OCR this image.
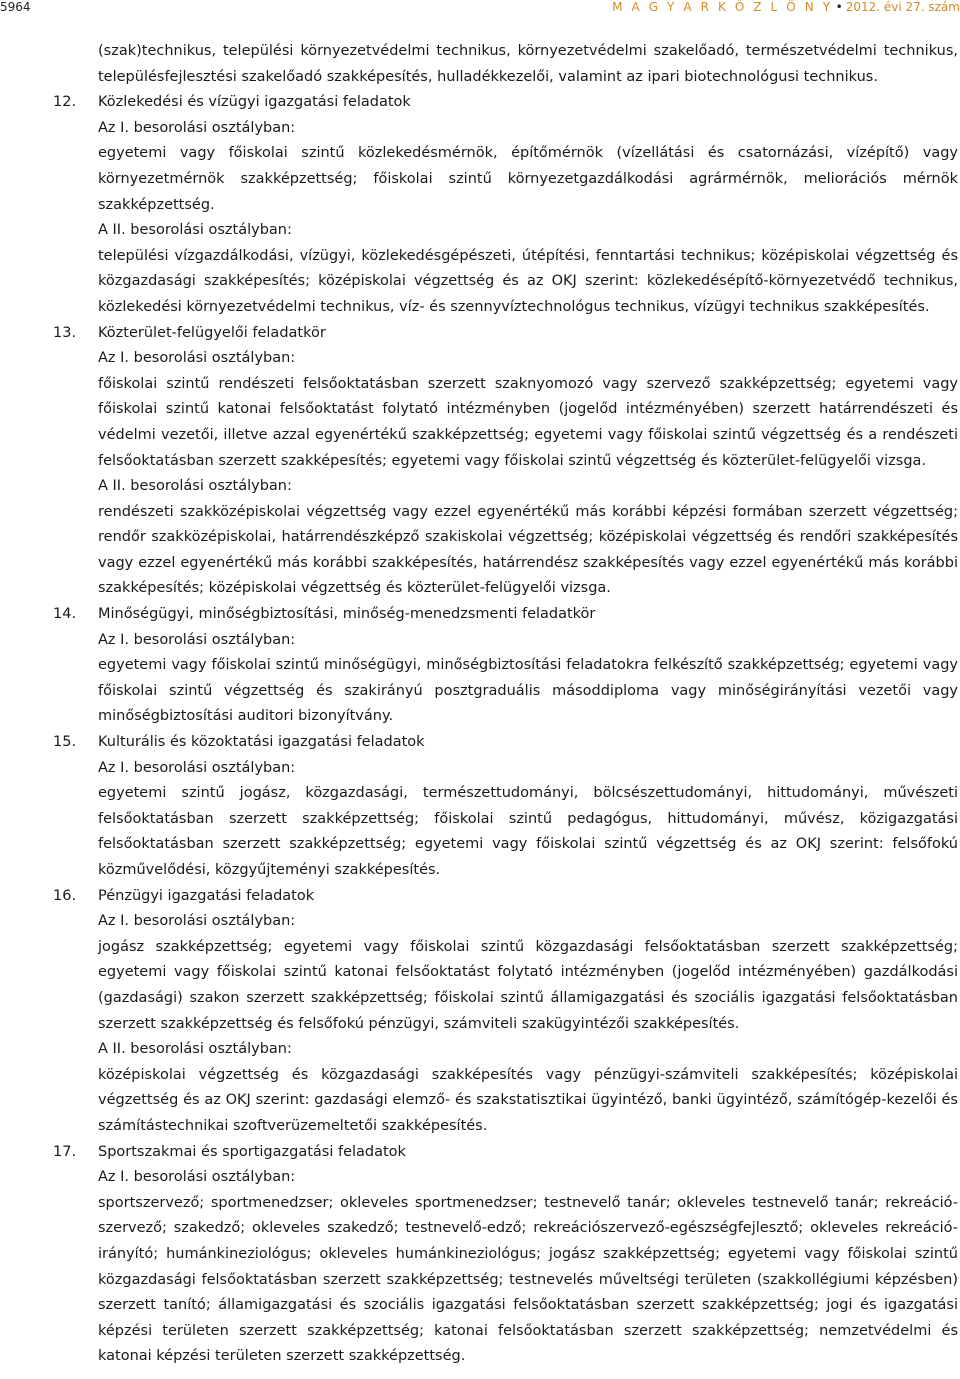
5964	M A G Y A R K Ö Z L Ö N Y • 2012. évi 27. szám

(szak)technikus, települési környezetvédelmi technikus, környezetvédelmi szakelőadó, természetvédelmi technikus, településfejlesztési szakelőadó szakképesítés, hulladékkezelői, valamint az ipari biotechnológusi technikus.

12.	Közlekedési és vízügyi igazgatási feladatok
Az I. besorolási osztályban:

egyetemi vagy főiskolai szintű közlekedésmérnök, építőmérnök (vízellátási és csatornázási, vízépítő) vagy környezetmérnök szakképzettség; főiskolai szintű környezetgazdálkodási agrármérnök, meliorációs mérnök szakképzettség.

A II. besorolási osztályban:

települési vízgazdálkodási, vízügyi, közlekedésgépészeti, útépítési, fenntartási technikus; középiskolai végzettség és közgazdasági szakképesítés; középiskolai végzettség és az OKJ szerint: közlekedésépítő-környezetvédő technikus, közlekedési környezetvédelmi technikus, víz- és szennyvíztechnológus technikus, vízügyi technikus szakképesítés.

13.	Közterület-felügyelői feladatkör
Az I. besorolási osztályban:

főiskolai szintű rendészeti felsőoktatásban szerzett szaknyomozó vagy szervező szakképzettség; egyetemi vagy főiskolai szintű katonai felsőoktatást folytató intézményben (jogelőd intézményében) szerzett határrendészeti és védelmi vezetői, illetve azzal egyenértékű szakképzettség; egyetemi vagy főiskolai szintű végzettség és a rendészeti felsőoktatásban szerzett szakképesítés; egyetemi vagy főiskolai szintű végzettség és közterület-felügyelői vizsga.

A II. besorolási osztályban:

rendészeti szakközépiskolai végzettség vagy ezzel egyenértékű más korábbi képzési formában szerzett végzettség; rendőr szakközépiskolai, határrendészképző szakiskolai végzettség; középiskolai végzettség és rendőri szakképesítés vagy ezzel egyenértékű más korábbi szakképesítés, határrendész szakképesítés vagy ezzel egyenértékű más korábbi szakképesítés; középiskolai végzettség és közterület-felügyelői vizsga.

14.	Minőségügyi, minőségbiztosítási, minőség-menedzsmenti feladatkör
Az I. besorolási osztályban:

egyetemi vagy főiskolai szintű minőségügyi, minőségbiztosítási feladatokra felkészítő szakképzettség; egyetemi vagy főiskolai szintű végzettség és szakirányú posztgraduális másoddiploma vagy minőségirányítási vezetői vagy minőségbiztosítási auditori bizonyítvány.

15.	Kulturális és közoktatási igazgatási feladatok
Az I. besorolási osztályban:

egyetemi szintű jogász, közgazdasági, természettudományi, bölcsészettudományi, hittudományi, művészeti felsőoktatásban szerzett szakképzettség; főiskolai szintű pedagógus, hittudományi, művész, közigazgatási felsőoktatásban szerzett szakképzettség; egyetemi vagy főiskolai szintű végzettség és az OKJ szerint: felsőfokú közművelődési, közgyűjteményi szakképesítés.

16.	Pénzügyi igazgatási feladatok
Az I. besorolási osztályban:

jogász szakképzettség; egyetemi vagy főiskolai szintű közgazdasági felsőoktatásban szerzett szakképzettség; egyetemi vagy főiskolai szintű katonai felsőoktatást folytató intézményben (jogelőd intézményében) gazdálkodási (gazdasági) szakon szerzett szakképzettség; főiskolai szintű államigazgatási és szociális igazgatási felsőoktatásban szerzett szakképzettség és felsőfokú pénzügyi, számviteli szakügyintézői szakképesítés.

A II. besorolási osztályban:

középiskolai végzettség és közgazdasági szakképesítés vagy pénzügyi-számviteli szakképesítés; középiskolai végzettség és az OKJ szerint: gazdasági elemző- és szakstatisztikai ügyintéző, banki ügyintéző, számítógép-kezelői és számítástechnikai szoftverüzemeltetői szakképesítés.

17.	Sportszakmai és sportigazgatási feladatok
Az I. besorolási osztályban:

sportszervező; sportmenedzser; okleveles sportmenedzser; testnevelő tanár; okleveles testnevelő tanár; rekreáció-szervező; szakedző; okleveles szakedző; testnevelő-edző; rekreációszervező-egészségfejlesztő; okleveles rekreáció-irányító; humánkineziológus; okleveles humánkineziológus; jogász szakképzettség; egyetemi vagy főiskolai szintű közgazdasági felsőoktatásban szerzett szakképzettség; testnevelés műveltségi területen (szakkollégiumi képzésben) szerzett tanító; államigazgatási és szociális igazgatási felsőoktatásban szerzett szakképzettség; jogi és igazgatási képzési területen szerzett szakképzettség; katonai felsőoktatásban szerzett szakképzettség; nemzetvédelmi és katonai képzési területen szerzett szakképzettség.
